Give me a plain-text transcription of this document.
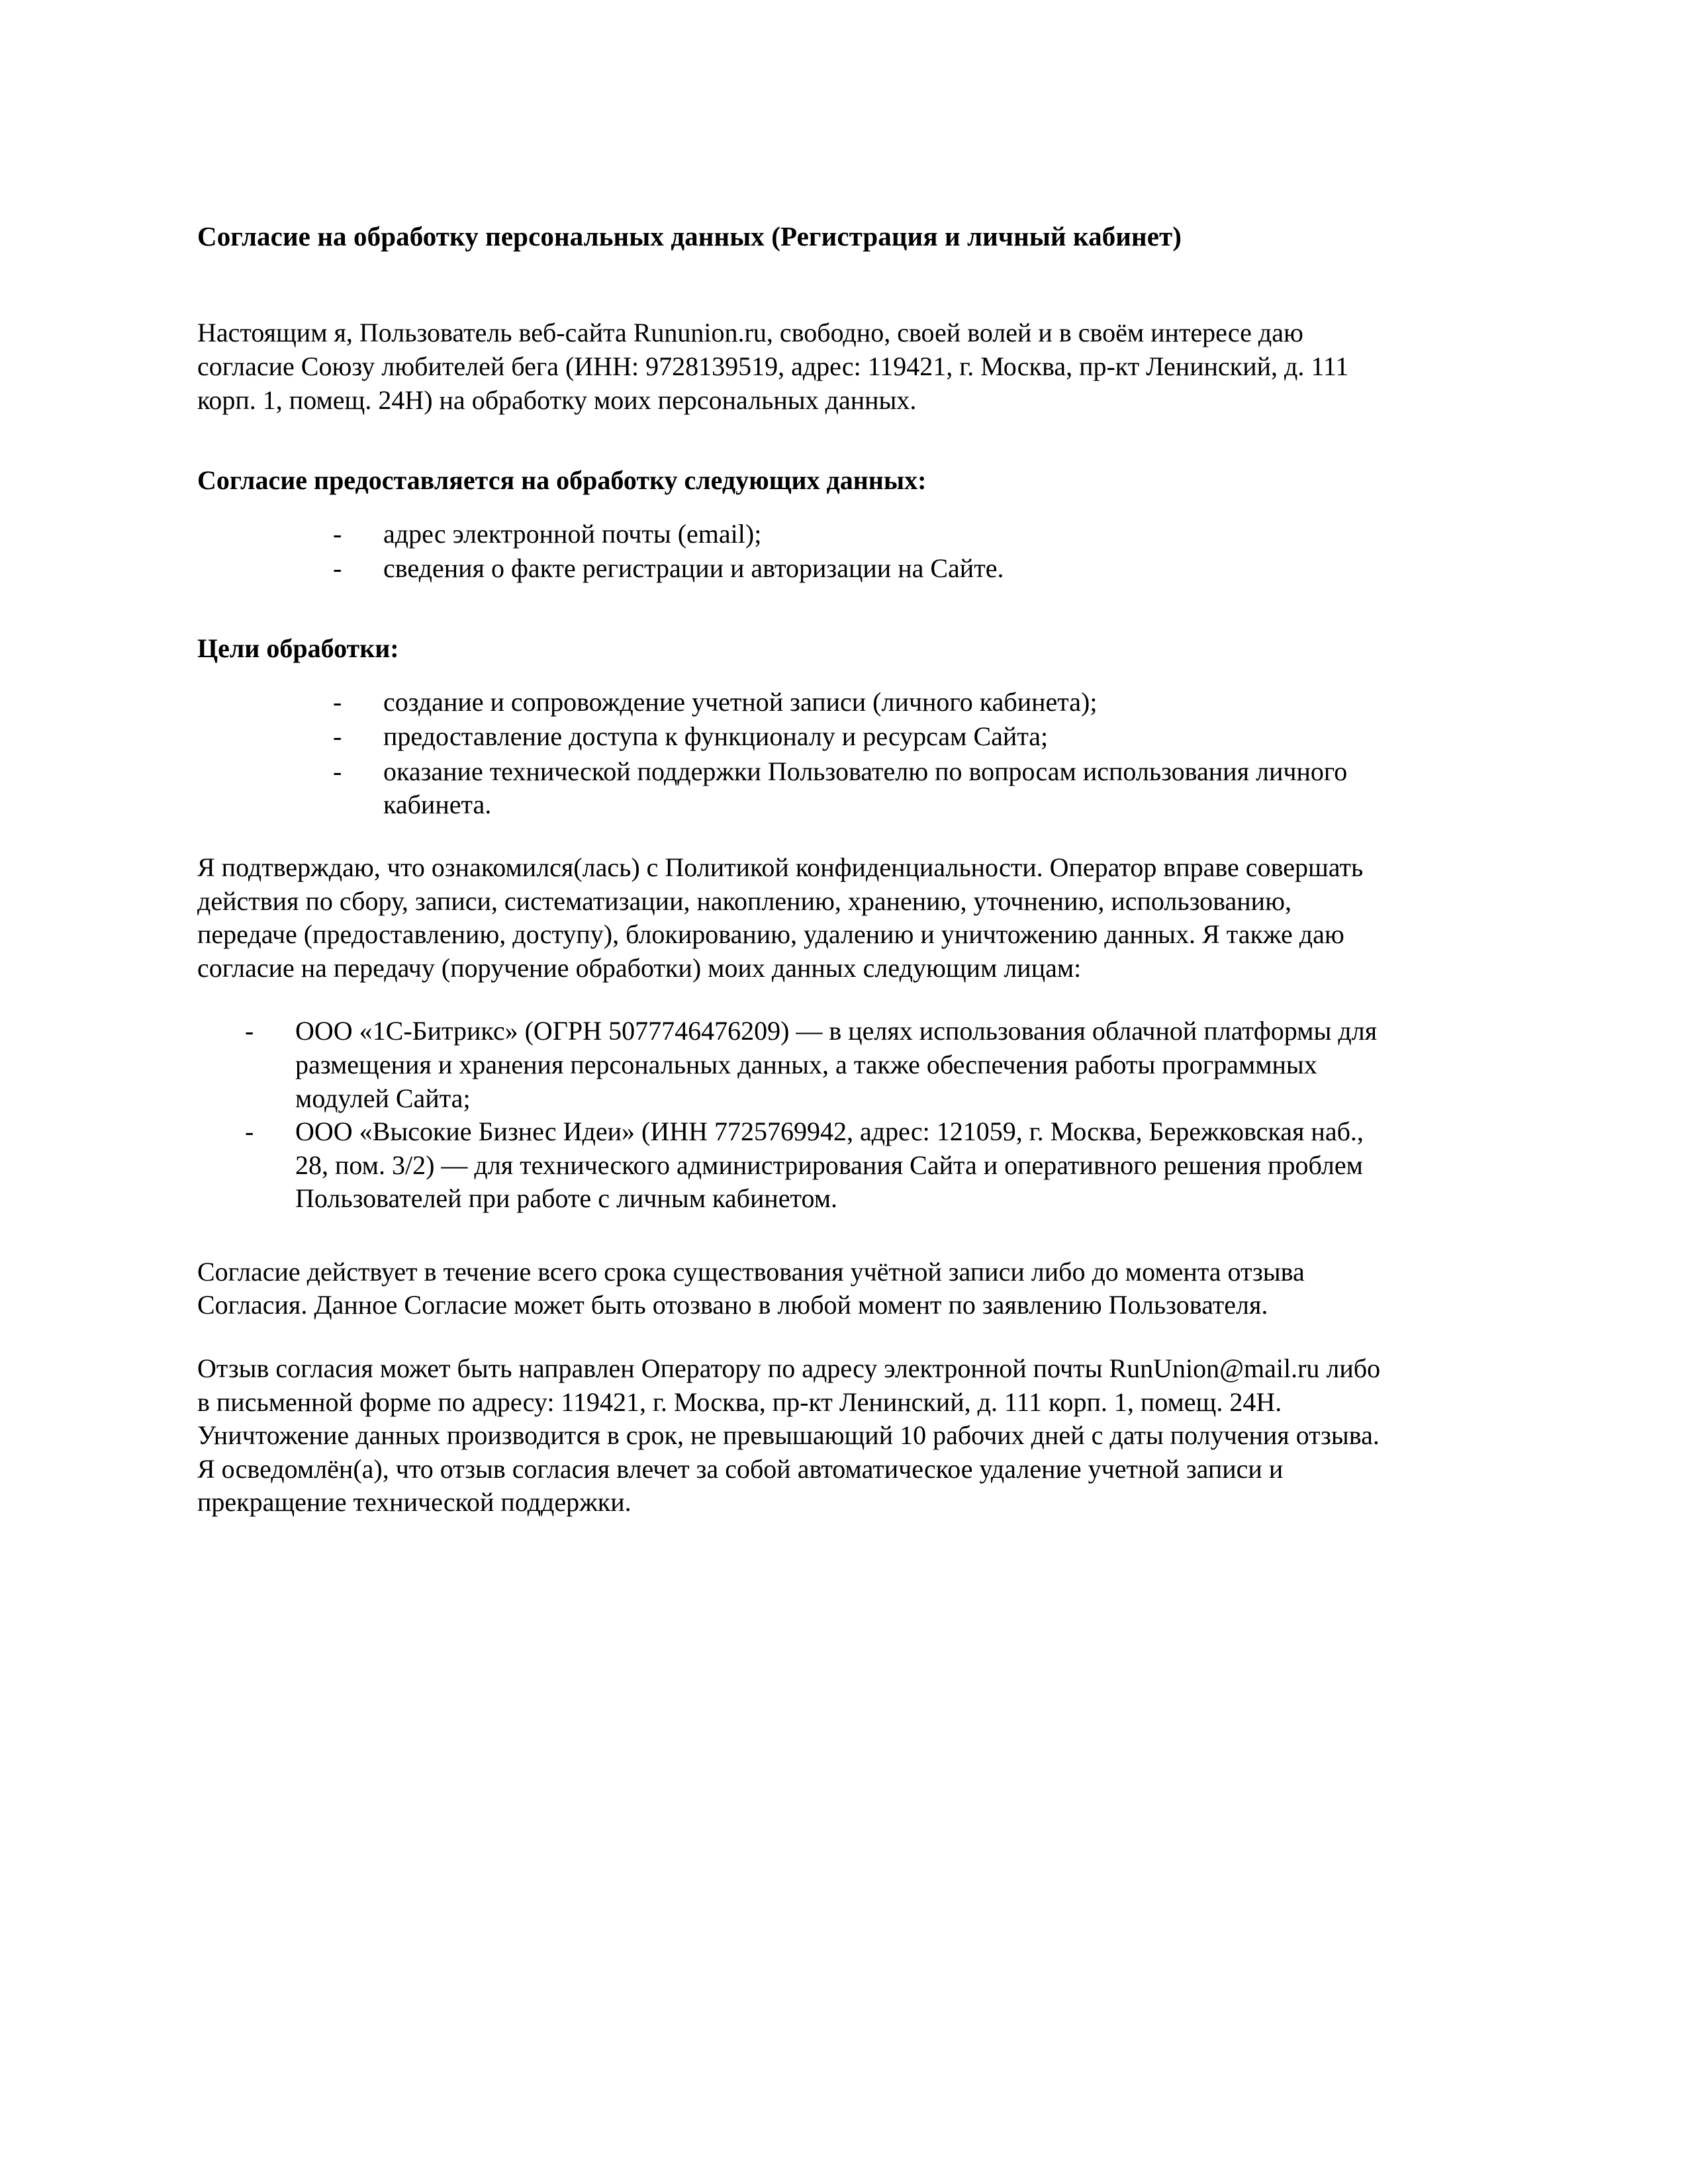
Согласие на обработку персональных данных (Регистрация и личный кабинет)

Настоящим я, Пользователь веб-сайта Rununion.ru, свободно, своей волей и в своём интересе даю согласие Союзу любителей бега (ИНН: 9728139519, адрес: 119421, г. Москва, пр-кт Ленинский, д. 111 корп. 1, помещ. 24Н) на обработку моих персональных данных.

Согласие предоставляется на обработку следующих данных:
-	адрес электронной почты (email);
-	сведения о факте регистрации и авторизации на Сайте.
Цели обработки:
-	создание и сопровождение учетной записи (личного кабинета);
-	предоставление доступа к функционалу и ресурсам Сайта;
-	оказание технической поддержки Пользователю по вопросам использования личного кабинета.

Я подтверждаю, что ознакомился(лась) с Политикой конфиденциальности. Оператор вправе совершать действия по сбору, записи, систематизации, накоплению, хранению, уточнению, использованию, передаче (предоставлению, доступу), блокированию, удалению и уничтожению данных. Я также даю согласие на передачу (поручение обработки) моих данных следующим лицам:

-	ООО «1С-Битрикс» (ОГРН 5077746476209) — в целях использования облачной платформы для размещения и хранения персональных данных, а также обеспечения работы программных модулей Сайта;
-	ООО «Высокие Бизнес Идеи» (ИНН 7725769942, адрес: 121059, г. Москва, Бережковская наб., 28, пом. 3/2) — для технического администрирования Сайта и оперативного решения проблем Пользователей при работе с личным кабинетом.

Согласие действует в течение всего срока существования учётной записи либо до момента отзыва Согласия. Данное Согласие может быть отозвано в любой момент по заявлению Пользователя.

Отзыв согласия может быть направлен Оператору по адресу электронной почты RunUnion@mail.ru либо в письменной форме по адресу: 119421, г. Москва, пр-кт Ленинский, д. 111 корп. 1, помещ. 24Н. Уничтожение данных производится в срок, не превышающий 10 рабочих дней с даты получения отзыва. Я осведомлён(а), что отзыв согласия влечет за собой автоматическое удаление учетной записи и прекращение технической поддержки.
